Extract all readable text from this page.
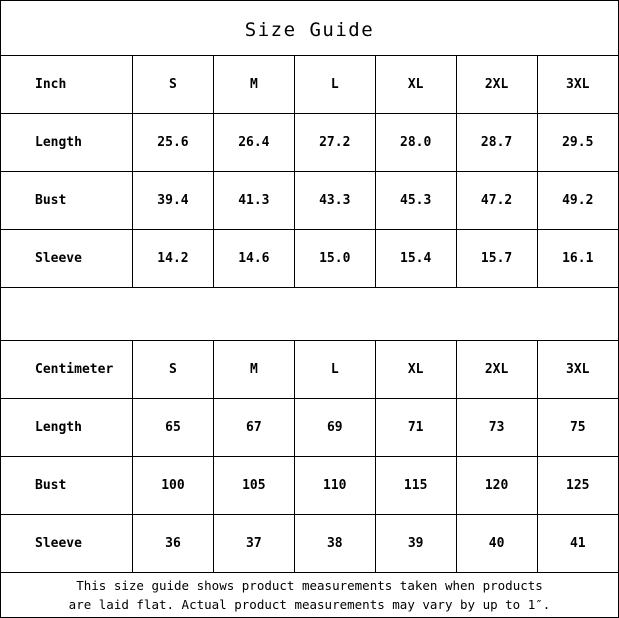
Size Guide
Inch	S	M	L	XL	2XL	3XL
Length	25.6	26.4	27.2	28.0	28.7	29.5
Bust	39.4	41.3	43.3	45.3	47.2	49.2
Sleeve	14.2	14.6	15.0	15.4	15.7	16.1
Centimeter	S	M	L	XL	2XL	3XL
Length	65	67	69	71	73	75
Bust	100	105	110	115	120	125
Sleeve	36	37	38	39	40	41
This size guide shows product measurements taken when products
are laid flat. Actual product measurements may vary by up to 1″.
